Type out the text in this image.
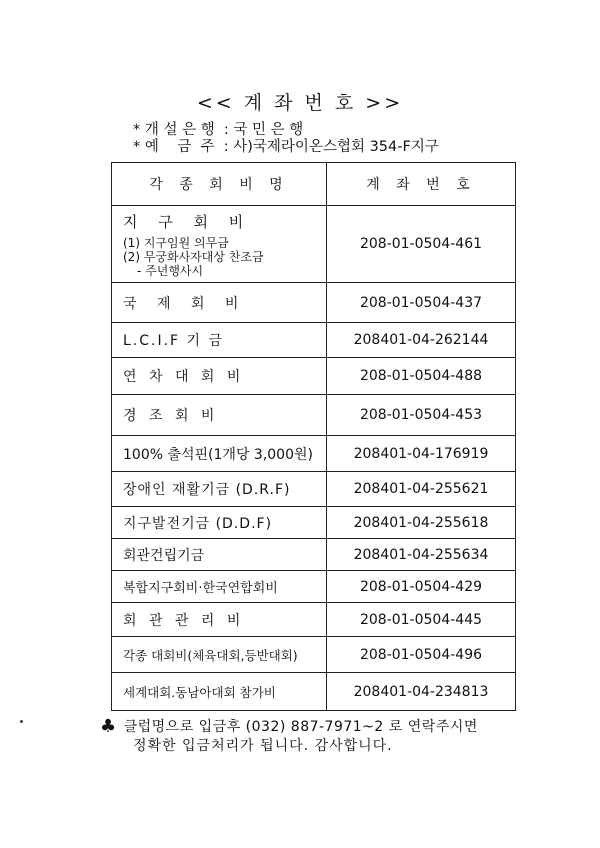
<< 계 좌 번 호 >>
* 개 설 은 행  : 국 민 은 행
* 예    금  주  : 사)국제라이온스협회 354-F지구
각 종 회 비 명	계 좌 번 호

지 구 회 비
(1) 지구임원 의무금
(2) 무궁화사자대상 찬조금
- 주년행사시	208-01-0504-461
국 제 회 비	208-01-0504-437
L.C.I.F 기 금	208401-04-262144
연 차 대 회 비	208-01-0504-488
경 조 회 비	208-01-0504-453
100% 출석핀(1개당 3,000원)	208401-04-176919
장애인 재활기금 (D.R.F)	208401-04-255621
지구발전기금 (D.D.F)	208401-04-255618
회관건립기금	208401-04-255634
복합지구회비·한국연합회비	208-01-0504-429
회 관 관 리 비	208-01-0504-445
각종 대회비(체육대회,등반대회)	208-01-0504-496
세계대회.동남아대회 참가비	208401-04-234813
♣ 클럽명으로 입금후 (032) 887-7971~2 로 연락주시면
정확한 입금처리가 됩니다. 감사합니다.
